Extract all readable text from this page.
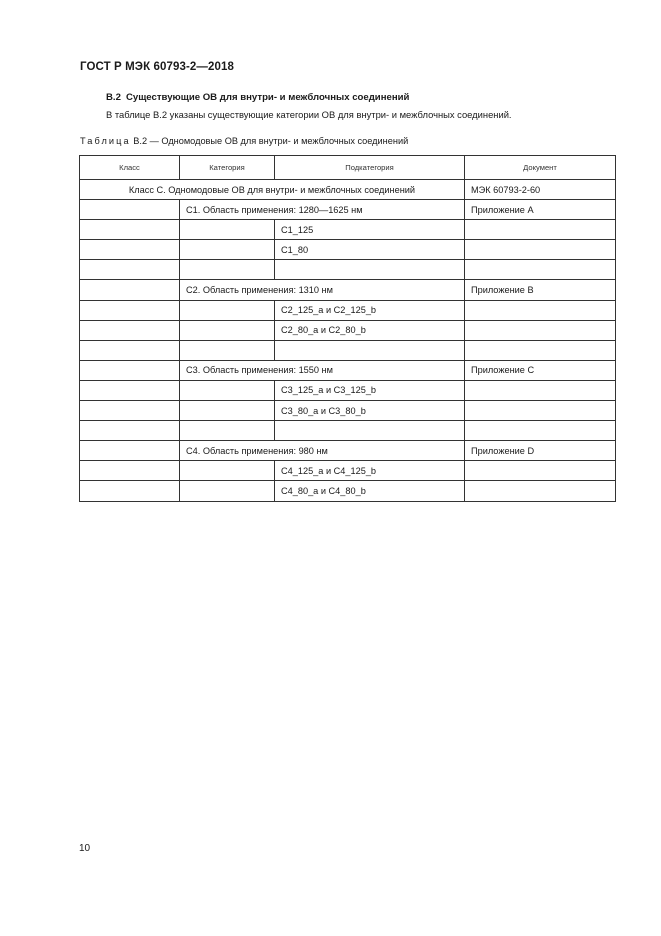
ГОСТ Р МЭК 60793-2—2018
B.2 Существующие ОВ для внутри- и межблочных соединений
В таблице В.2 указаны существующие категории ОВ для внутри- и межблочных соединений.
Таблица В.2 — Одномодовые ОВ для внутри- и межблочных соединений
Класс	Категория	Подкатегория	Документ
Класс С. Одномодовые ОВ для внутри- и межблочных соединений			МЭК 60793-2-60
	С1. Область применения: 1280—1625 нм		Приложение А
		С1_125	
		С1_80	

	С2. Область применения: 1310 нм		Приложение В
		С2_125_a и С2_125_b	
		С2_80_a и С2_80_b	

	С3. Область применения: 1550 нм		Приложение С
		С3_125_a и С3_125_b	
		С3_80_a и С3_80_b	

	С4. Область применения: 980 нм		Приложение D
		С4_125_a и С4_125_b	
		С4_80_a и С4_80_b	
10
